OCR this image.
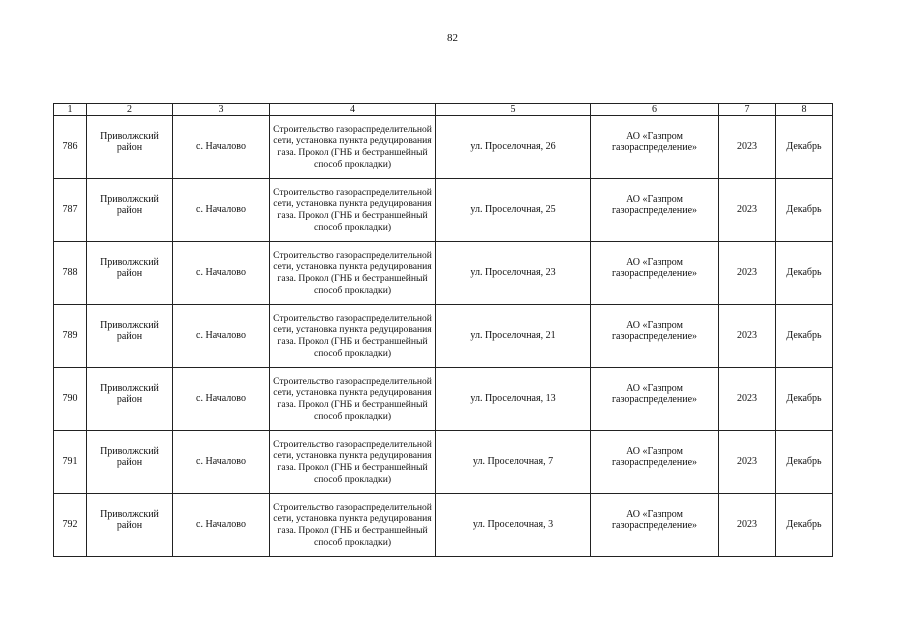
82
1	2	3	4	5	6	7	8
786	Приволжский район	с. Началово	Строительство газораспределительной сети, установка пункта редуцирования газа. Прокол (ГНБ и бестраншейный способ прокладки)	ул. Проселочная, 26	АО «Газпром газораспределение»	2023	Декабрь
787	Приволжский район	с. Началово	Строительство газораспределительной сети, установка пункта редуцирования газа. Прокол (ГНБ и бестраншейный способ прокладки)	ул. Проселочная, 25	АО «Газпром газораспределение»	2023	Декабрь
788	Приволжский район	с. Началово	Строительство газораспределительной сети, установка пункта редуцирования газа. Прокол (ГНБ и бестраншейный способ прокладки)	ул. Проселочная, 23	АО «Газпром газораспределение»	2023	Декабрь
789	Приволжский район	с. Началово	Строительство газораспределительной сети, установка пункта редуцирования газа. Прокол (ГНБ и бестраншейный способ прокладки)	ул. Проселочная, 21	АО «Газпром газораспределение»	2023	Декабрь
790	Приволжский район	с. Началово	Строительство газораспределительной сети, установка пункта редуцирования газа. Прокол (ГНБ и бестраншейный способ прокладки)	ул. Проселочная, 13	АО «Газпром газораспределение»	2023	Декабрь
791	Приволжский район	с. Началово	Строительство газораспределительной сети, установка пункта редуцирования газа. Прокол (ГНБ и бестраншейный способ прокладки)	ул. Проселочная, 7	АО «Газпром газораспределение»	2023	Декабрь
792	Приволжский район	с. Началово	Строительство газораспределительной сети, установка пункта редуцирования газа. Прокол (ГНБ и бестраншейный способ прокладки)	ул. Проселочная, 3	АО «Газпром газораспределение»	2023	Декабрь
